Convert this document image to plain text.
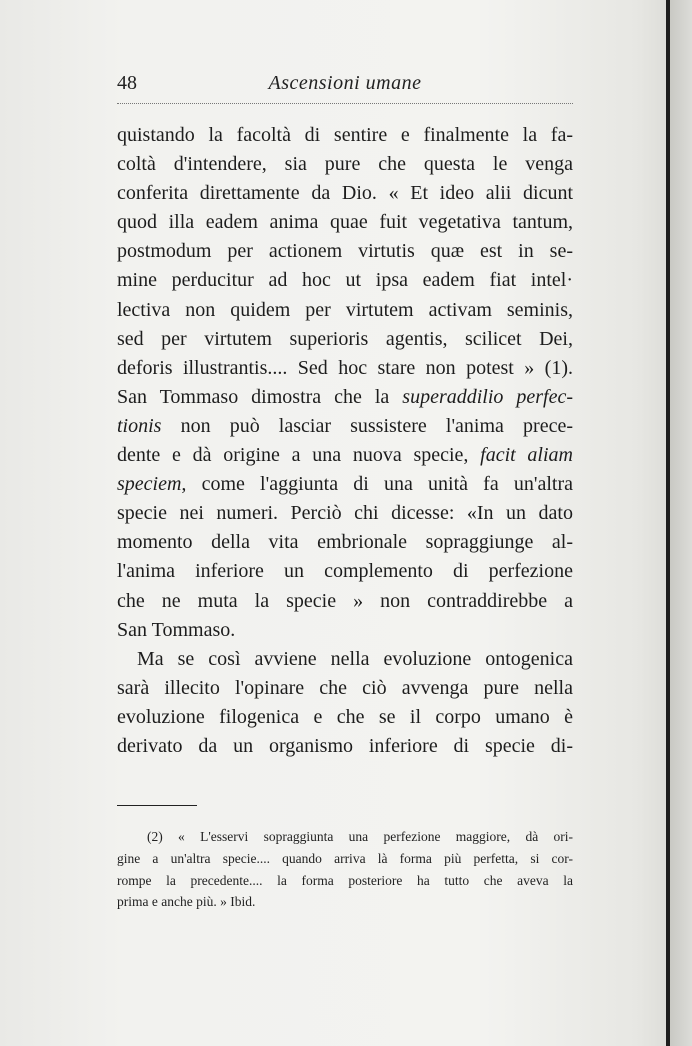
48	Ascensioni umane
quistando la facoltà di sentire e finalmente la fa-
coltà d'intendere, sia pure che questa le venga
conferita direttamente da Dio. « Et ideo alii dicunt
quod illa eadem anima quae fuit vegetativa tantum,
postmodum per actionem virtutis quæ est in se-
mine perducitur ad hoc ut ipsa eadem fiat intel·
lectiva non quidem per virtutem activam seminis,
sed per virtutem superioris agentis, scilicet Dei,
deforis illustrantis.... Sed hoc stare non potest » (1).
San Tommaso dimostra che la superaddilio perfec-
tionis non può lasciar sussistere l'anima prece-
dente e dà origine a una nuova specie, facit aliam
speciem, come l'aggiunta di una unità fa un'altra
specie nei numeri. Perciò chi dicesse: «In un dato
momento della vita embrionale sopraggiunge al-
l'anima inferiore un complemento di perfezione
che ne muta la specie » non contraddirebbe a
San Tommaso.
Ma se così avviene nella evoluzione ontogenica
sarà illecito l'opinare che ciò avvenga pure nella
evoluzione filogenica e che se il corpo umano è
derivato da un organismo inferiore di specie di-
(2) « L'esservi sopraggiunta una perfezione maggiore, dà ori-
gine a un'altra specie.... quando arriva là forma più perfetta, si cor-
rompe la precedente.... la forma posteriore ha tutto che aveva la
prima e anche più. » Ibid.
